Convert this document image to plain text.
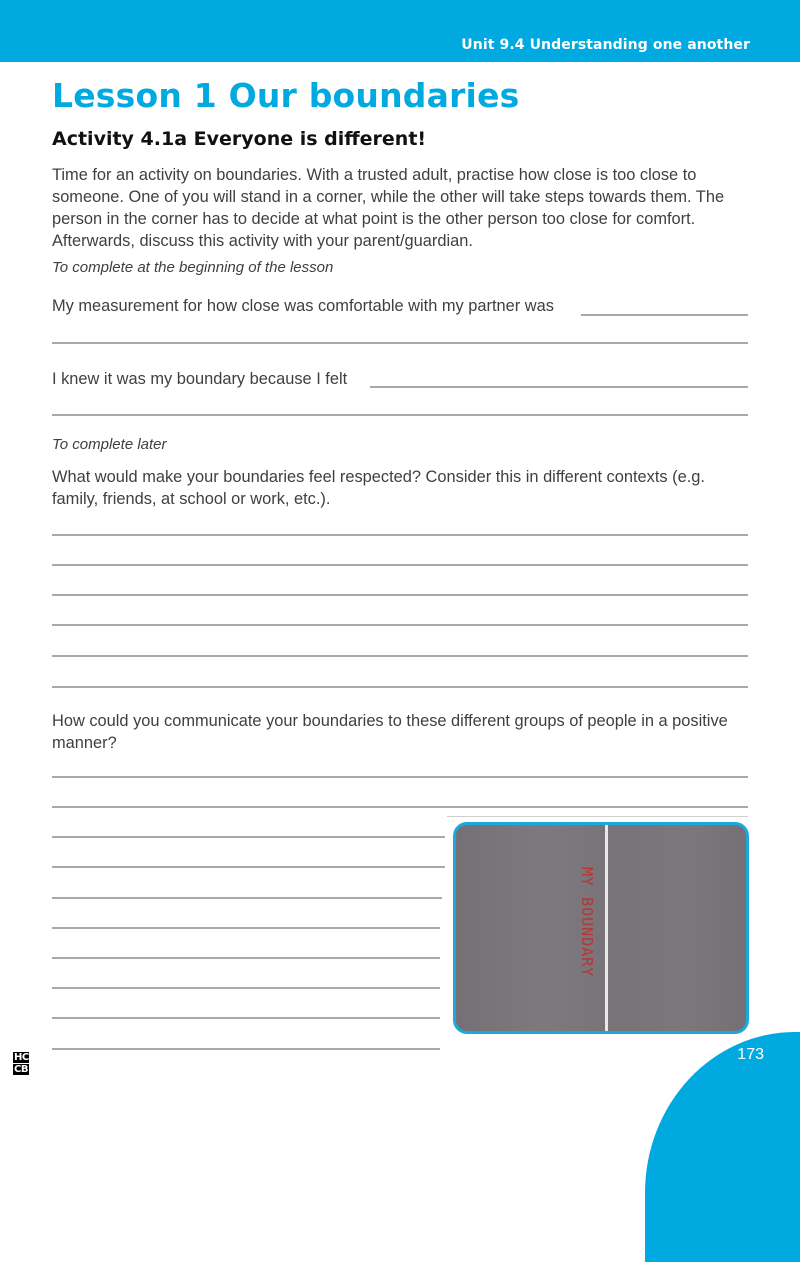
Unit 9.4 Understanding one another
Lesson 1 Our boundaries
Activity 4.1a Everyone is different!

Time for an activity on boundaries. With a trusted adult, practise how close is too close to someone. One of you will stand in a corner, while the other will take steps towards them. The person in the corner has to decide at what point is the other person too close for comfort. Afterwards, discuss this activity with your parent/guardian.

To complete at the beginning of the lesson

My measurement for how close was comfortable with my partner was

I knew it was my boundary because I felt

To complete later

What would make your boundaries feel respected? Consider this in different contexts (e.g. family, friends, at school or work, etc.).

How could you communicate your boundaries to these different groups of people in a positive manner?

MY BOUNDARY
173
HC
CB
